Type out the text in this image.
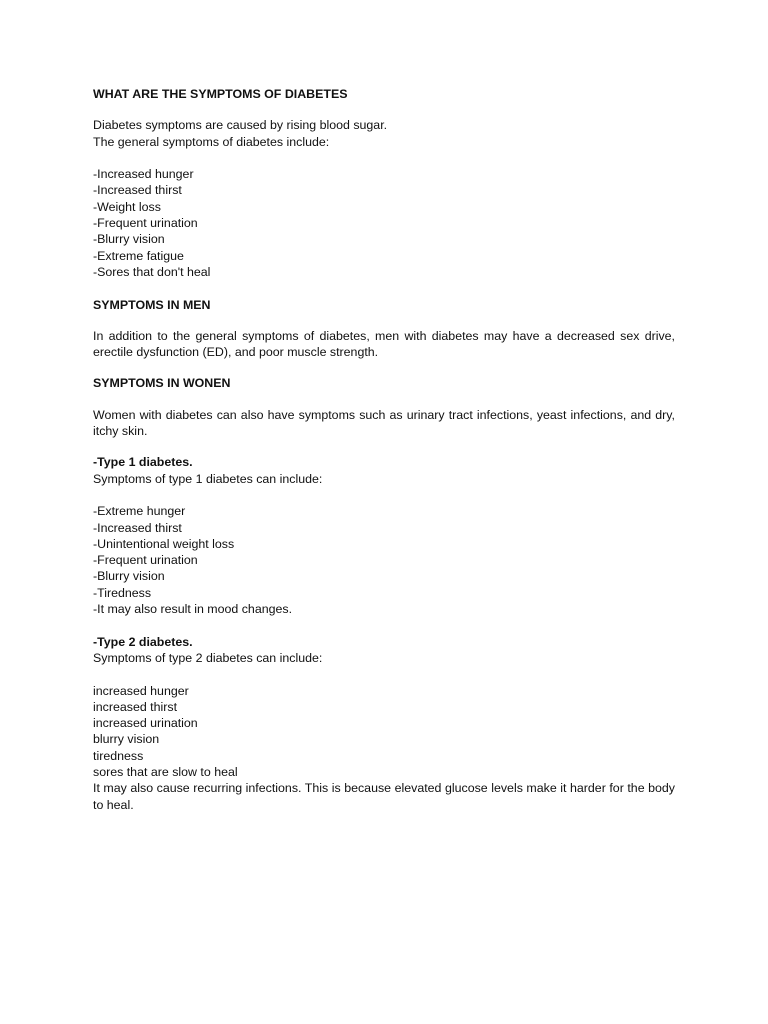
WHAT ARE THE SYMPTOMS OF DIABETES
Diabetes symptoms are caused by rising blood sugar.
The general symptoms of diabetes include:
-Increased hunger
-Increased thirst
-Weight loss
-Frequent urination
-Blurry vision
-Extreme fatigue
-Sores that don't heal
SYMPTOMS IN MEN
In addition to the general symptoms of diabetes, men with diabetes may have a decreased sex drive, erectile dysfunction (ED), and poor muscle strength.
SYMPTOMS IN WONEN
Women with diabetes can also have symptoms such as urinary tract infections, yeast infections, and dry, itchy skin.
-Type 1 diabetes.
Symptoms of type 1 diabetes can include:
-Extreme hunger
-Increased thirst
-Unintentional weight loss
-Frequent urination
-Blurry vision
-Tiredness
-It may also result in mood changes.
-Type 2 diabetes.
Symptoms of type 2 diabetes can include:
increased hunger
increased thirst
increased urination
blurry vision
tiredness
sores that are slow to heal
It may also cause recurring infections. This is because elevated glucose levels make it harder for the body to heal.
